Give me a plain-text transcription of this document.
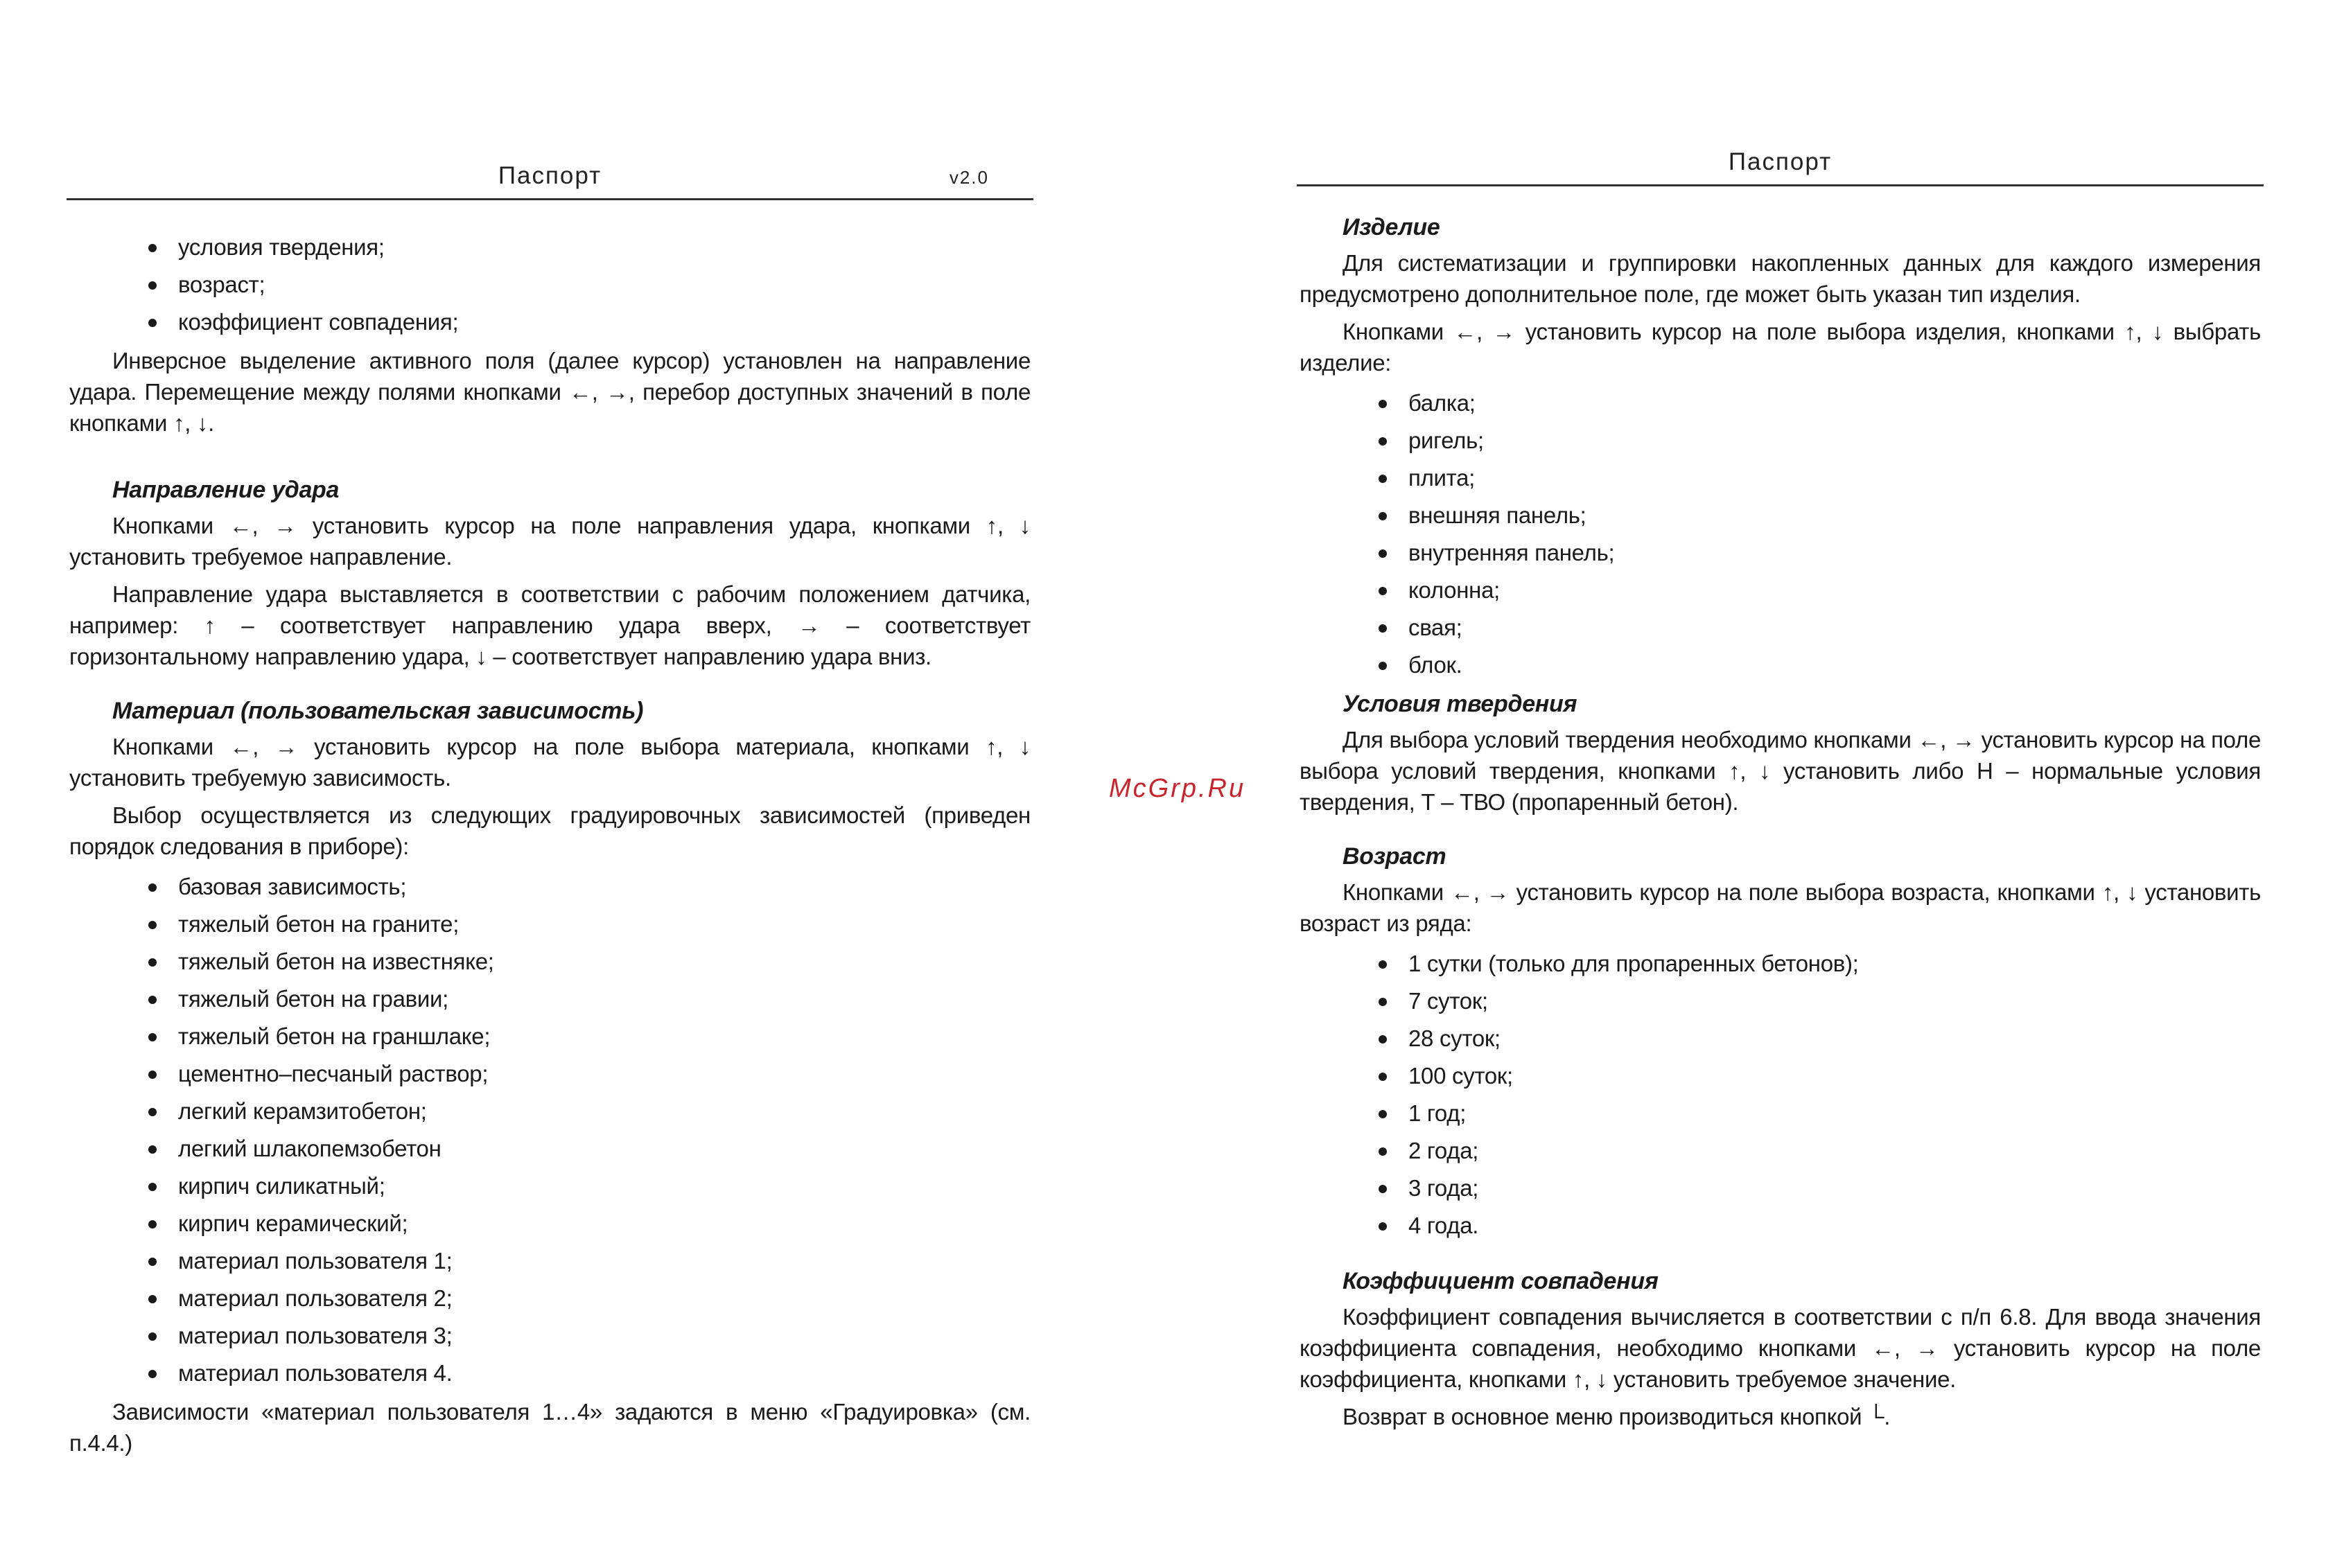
Паспорт	v2.0
условия твердения;
возраст;
коэффициент совпадения;

Инверсное выделение активного поля (далее курсор) установлен на направление удара. Перемещение между полями кнопками ←, →, перебор доступных значений в поле кнопками ↑, ↓.

Направление удара

Кнопками ←, → установить курсор на поле направления удара, кнопками ↑, ↓ установить требуемое направление.

Направление удара выставляется в соответствии с рабочим положением датчика, например: ↑ – соответствует направлению удара вверх, → – соответствует горизонтальному направлению удара, ↓ – соответствует направлению удара вниз.

Материал (пользовательская зависимость)

Кнопками ←, → установить курсор на поле выбора материала, кнопками ↑, ↓ установить требуемую зависимость.

Выбор осуществляется из следующих градуировочных зависимостей (приведен порядок следования в приборе):

базовая зависимость;
тяжелый бетон на граните;
тяжелый бетон на известняке;
тяжелый бетон на гравии;
тяжелый бетон на граншлаке;
цементно–песчаный раствор;
легкий керамзитобетон;
легкий шлакопемзобетон
кирпич силикатный;
кирпич керамический;
материал пользователя 1;
материал пользователя 2;
материал пользователя 3;
материал пользователя 4.

Зависимости «материал пользователя 1…4» задаются в меню «Градуировка» (см. п.4.4.)

McGrp.Ru
Паспорт
Изделие

Для систематизации и группировки накопленных данных для каждого измерения предусмотрено дополнительное поле, где может быть указан тип изделия.

Кнопками ←, → установить курсор на поле выбора изделия, кнопками ↑, ↓ выбрать изделие:

балка;
ригель;
плита;
внешняя панель;
внутренняя панель;
колонна;
свая;
блок.
Условия твердения

Для выбора условий твердения необходимо кнопками ←, → установить курсор на поле выбора условий твердения, кнопками ↑, ↓ установить либо Н – нормальные условия твердения, Т – ТВО (пропаренный бетон).

Возраст

Кнопками ←, → установить курсор на поле выбора возраста, кнопками ↑, ↓ установить возраст из ряда:

1 сутки (только для пропаренных бетонов);
7 суток;
28 суток;
100 суток;
1 год;
2 года;
3 года;
4 года.
Коэффициент совпадения

Коэффициент совпадения вычисляется в соответствии с п/п 6.8. Для ввода значения коэффициента совпадения, необходимо кнопками ←, → установить курсор на поле коэффициента, кнопками ↑, ↓ установить требуемое значение.

Возврат в основное меню производиться кнопкой └.
